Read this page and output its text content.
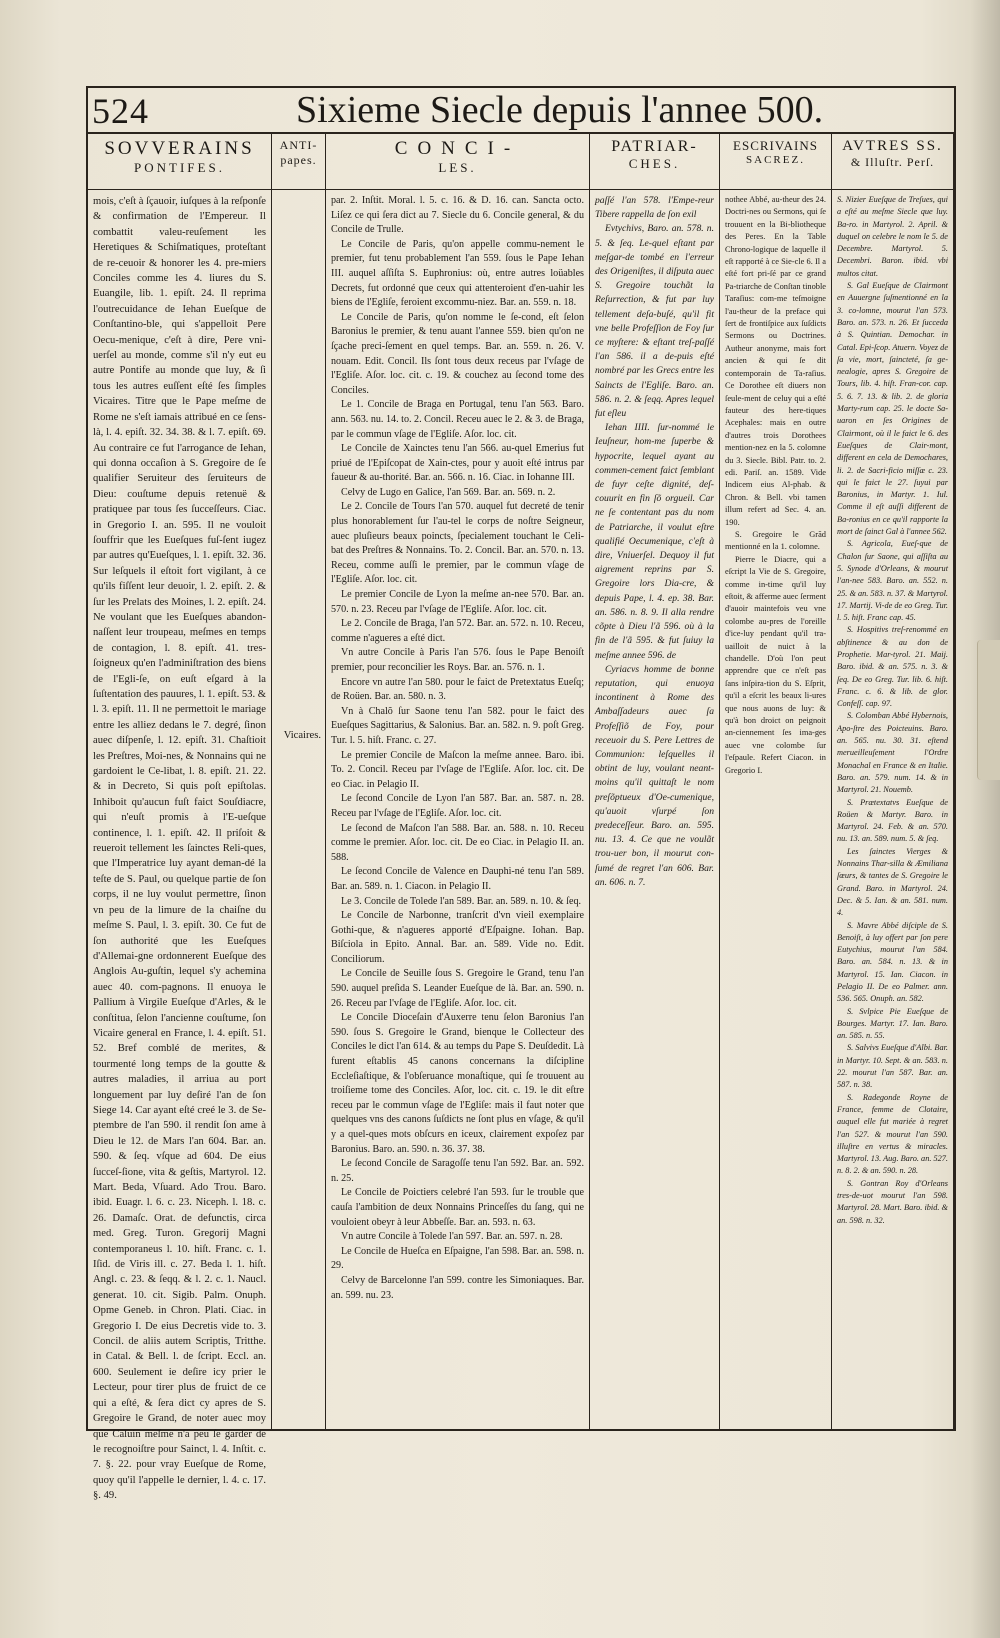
524	Sixieme Siecle depuis l'annee 500.
SOVVERAINS
PONTIFES.

mois, c'eſt à ſçauoir, iuſques à la reſponſe & confirmation de l'Empereur. Il combattit valeu-reuſement les Heretiques & Schiſmatiques, proteſtant de re-ceuoir & honorer les 4. pre-miers Conciles comme les 4. liures du S. Euangile, lib. 1. epiſt. 24. Il reprima l'outrecuidance de Iehan Eueſque de Conſtantino-ble, qui s'appelloit Pere Oecu-menique, c'eſt à dire, Pere vni-uerſel au monde, comme s'il n'y eut eu autre Pontife au monde que luy, & ſi tous les autres euſſent eſté ſes ſimples Vicaires. Titre que le Pape meſme de Rome ne s'eſt iamais attribué en ce ſens-là, l. 4. epiſt. 32. 34. 38. & l. 7. epiſt. 69. Au contraire ce fut l'arrogance de Iehan, qui donna occaſion à S. Gregoire de ſe qualifier Seruiteur des ſeruiteurs de Dieu: couſtume depuis retenuë & pratiquee par tous ſes ſucceſſeurs. Ciac. in Gregorio I. an. 595. Il ne vouloit ſouffrir que les Eueſques fuſ-ſent iugez par autres qu'Eueſques, l. 1. epiſt. 32. 36. Sur leſquels il eſtoit fort vigilant, à ce qu'ils fiſſent leur deuoir, l. 2. epiſt. 2. & ſur les Prelats des Moines, l. 2. epiſt. 24. Ne voulant que les Eueſques abandon-naſſent leur troupeau, meſmes en temps de contagion, l. 8. epiſt. 41. tres-ſoigneux qu'en l'adminiſtration des biens de l'Egli-ſe, on euſt eſgard à la ſuſtentation des pauures, l. 1. epiſt. 53. & l. 3. epiſt. 11. Il ne permettoit le mariage entre les alliez dedans le 7. degré, ſinon auec diſpenſe, l. 12. epiſt. 31. Chaſtioit les Preſtres, Moi-nes, & Nonnains qui ne gardoient le Ce-libat, l. 8. epiſt. 21. 22. & in Decreto, Si quis poſt epiſtolas. Inhiboit qu'aucun fuſt faict Souſdiacre, qui n'euſt promis à l'E-ueſque continence, l. 1. epiſt. 42. Il priſoit & reueroit tellement les ſainctes Reli-ques, que l'Imperatrice luy ayant deman-dé la teſte de S. Paul, ou quelque partie de ſon corps, il ne luy voulut permettre, ſinon vn peu de la limure de la chaiſne du meſme S. Paul, l. 3. epiſt. 30. Ce fut de ſon authorité que les Eueſques d'Allemai-gne ordonnerent Eueſque des Anglois Au-guſtin, lequel s'y achemina auec 40. com-pagnons. Il enuoya le Pallium à Virgile Eueſque d'Arles, & le conſtitua, ſelon l'ancienne couſtume, ſon Vicaire general en France, l. 4. epiſt. 51. 52. Bref comblé de merites, & tourmenté long temps de la goutte & autres maladies, il arriua au port longuement par luy deſiré l'an de ſon Siege 14. Car ayant eſté creé le 3. de Se-ptembre de l'an 590. il rendit ſon ame à Dieu le 12. de Mars l'an 604. Bar. an. 590. & ſeq. vſque ad 604. De eius ſucceſ-ſione, vita & geſtis, Martyrol. 12. Mart. Beda, Vſuard. Ado Trou. Baro. ibid. Euagr. l. 6. c. 23. Niceph. l. 18. c. 26. Damaſc. Orat. de defunctis, circa med. Greg. Turon. Gregorij Magni contemporaneus l. 10. hiſt. Franc. c. 1. Iſid. de Viris ill. c. 27. Beda l. 1. hiſt. Angl. c. 23. & ſeqq. & l. 2. c. 1. Naucl. generat. 10. cit. Sigib. Palm. Onuph. Opme Geneb. in Chron. Plati. Ciac. in Gregorio I. De eius Decretis vide to. 3. Concil. de aliis autem Scriptis, Tritthe. in Catal. & Bell. l. de ſcript. Eccl. an. 600. Seulement ie deſire icy prier le Lecteur, pour tirer plus de fruict de ce qui a eſté, & ſera dict cy apres de S. Gregoire le Grand, de noter auec moy que Caluin meſme n'a peu ſe garder de le recognoiſtre pour Sainct, l. 4. Inſtit. c. 7. §. 22. pour vray Eueſque de Rome, quoy qu'il l'appelle le dernier, l. 4. c. 17. §. 49.

ANTI-
papes.
Vicaires.
CONCI-
LES.

par. 2. Inſtit. Moral. l. 5. c. 16. & D. 16. can. Sancta octo. Liſez ce qui ſera dict au 7. Siecle du 6. Concile general, & du Concile de Trulle.

Le Concile de Paris, qu'on appelle commu-nement le premier, fut tenu probablement l'an 559. ſous le Pape Iehan III. auquel aſſiſta S. Euphronius: où, entre autres loüables Decrets, fut ordonné que ceux qui attenteroient d'en-uahir les biens de l'Egliſe, feroient excommu-niez. Bar. an. 559. n. 18.

Le Concile de Paris, qu'on nomme le ſe-cond, eſt ſelon Baronius le premier, & tenu auant l'annee 559. bien qu'on ne ſçache preci-ſement en quel temps. Bar. an. 559. n. 26. V. nouam. Edit. Concil. Ils ſont tous deux receus par l'vſage de l'Egliſe. Aſor. loc. cit. c. 19. & couchez au ſecond tome des Conciles.

Le 1. Concile de Braga en Portugal, tenu l'an 563. Baro. ann. 563. nu. 14. to. 2. Concil. Receu auec le 2. & 3. de Braga, par le commun vſage de l'Egliſe. Aſor. loc. cit.

Le Concile de Xainctes tenu l'an 566. au-quel Emerius fut priué de l'Epiſcopat de Xain-ctes, pour y auoit eſté intrus par faueur & au-thorité. Bar. an. 566. n. 16. Ciac. in Iohanne III.

Celvy de Lugo en Galice, l'an 569. Bar. an. 569. n. 2.

Le 2. Concile de Tours l'an 570. auquel fut decreté de tenir plus honorablement ſur l'au-tel le corps de noſtre Seigneur, auec pluſieurs beaux poincts, ſpecialement touchant le Celi-bat des Preſtres & Nonnains. To. 2. Concil. Bar. an. 570. n. 13. Receu, comme auſſi le premier, par le commun vſage de l'Egliſe. Aſor. loc. cit.

Le premier Concile de Lyon la meſme an-nee 570. Bar. an. 570. n. 23. Receu par l'vſage de l'Egliſe. Aſor. loc. cit.

Le 2. Concile de Braga, l'an 572. Bar. an. 572. n. 10. Receu, comme n'agueres a eſté dict.

Vn autre Concile à Paris l'an 576. ſous le Pape Benoiſt premier, pour reconcilier les Roys. Bar. an. 576. n. 1.

Encore vn autre l'an 580. pour le faict de Pretextatus Eueſq; de Roüen. Bar. an. 580. n. 3.

Vn à Chalõ ſur Saone tenu l'an 582. pour le faict des Eueſques Sagittarius, & Salonius. Bar. an. 582. n. 9. poſt Greg. Tur. l. 5. hiſt. Franc. c. 27.

Le premier Concile de Maſcon la meſme annee. Baro. ibi. To. 2. Concil. Receu par l'vſage de l'Egliſe. Aſor. loc. cit. De eo Ciac. in Pelagio II.

Le ſecond Concile de Lyon l'an 587. Bar. an. 587. n. 28. Receu par l'vſage de l'Egliſe. Aſor. loc. cit.

Le ſecond de Maſcon l'an 588. Bar. an. 588. n. 10. Receu comme le premier. Aſor. loc. cit. De eo Ciac. in Pelagio II. an. 588.

Le ſecond Concile de Valence en Dauphi-né tenu l'an 589. Bar. an. 589. n. 1. Ciacon. in Pelagio II.

Le 3. Concile de Tolede l'an 589. Bar. an. 589. n. 10. & ſeq.

Le Concile de Narbonne, tranſcrit d'vn vieil exemplaire Gothi-que, & n'agueres apporté d'Eſpaigne. Iohan. Bap. Biſciola in Epito. Annal. Bar. an. 589. Vide no. Edit. Conciliorum.

Le Concile de Seuille ſous S. Gregoire le Grand, tenu l'an 590. auquel preſida S. Leander Eueſque de là. Bar. an. 590. n. 26. Receu par l'vſage de l'Egliſe. Aſor. loc. cit.

Le Concile Dioceſain d'Auxerre tenu ſelon Baronius l'an 590. ſous S. Gregoire le Grand, bienque le Collecteur des Conciles le dict l'an 614. & au temps du Pape S. Deuſdedit. Là furent eſtablis 45 canons concernans la diſcipline Eccleſiaſtique, & l'obſeruance monaſtique, qui ſe trouuent au troiſieme tome des Conciles. Aſor, loc. cit. c. 19. le dit eſtre receu par le commun vſage de l'Egliſe: mais il faut noter que quelques vns des canons ſuſdicts ne ſont plus en vſage, & qu'il y a quel-ques mots obſcurs en iceux, clairement expoſez par Baronius. Baro. an. 590. n. 36. 37. 38.

Le ſecond Concile de Saragoſſe tenu l'an 592. Bar. an. 592. n. 25.

Le Concile de Poictiers celebré l'an 593. ſur le trouble que cauſa l'ambition de deux Nonnains Princeſſes du ſang, qui ne vouloient obeyr à leur Abbeſſe. Bar. an. 593. n. 63.

Vn autre Concile à Tolede l'an 597. Bar. an. 597. n. 28.

Le Concile de Hueſca en Eſpaigne, l'an 598. Bar. an. 598. n. 29.

Celvy de Barcelonne l'an 599. contre les Simoniaques. Bar. an. 599. nu. 23.

PATRIAR-
CHES.

paſſé l'an 578. l'Empe-reur Tibere rappella de ſon exil

Evtychivs, Baro. an. 578. n. 5. & ſeq. Le-quel eſtant par meſgar-de tombé en l'erreur des Origeniſtes, il diſputa auec S. Gregoire touchãt la Reſurrection, & fut par luy tellement deſa-buſé, qu'il fit vne belle Profeſſion de Foy ſur ce myſtere: & eſtant treſ-paſſé l'an 586. il a de-puis eſté nombré par les Grecs entre les Saincts de l'Egliſe. Baro. an. 586. n. 2. & ſeqq. Apres lequel fut eſleu

Iehan IIII. ſur-nommé le Ieuſneur, hom-me ſuperbe & hypocrite, lequel ayant au commen-cement faict ſemblant de fuyr ceſte dignité, deſ-couurit en fin ſõ orgueil. Car ne ſe contentant pas du nom de Patriarche, il voulut eſtre qualifié Oecumenique, c'eſt à dire, Vniuerſel. Dequoy il fut aigrement reprins par S. Gregoire lors Dia-cre, & depuis Pape, l. 4. ep. 38. Bar. an. 586. n. 8. 9. Il alla rendre cõpte à Dieu l'ã 596. où à la fin de l'ã 595. & fut ſuiuy la meſme annee 596. de

Cyriacvs homme de bonne reputation, qui enuoya incontinent à Rome des Ambaſſadeurs auec ſa Profeſſiõ de Foy, pour receuoir du S. Pere Lettres de Communion: leſquelles il obtint de luy, voulant neant-moins qu'il quittaſt le nom preſõptueux d'Oe-cumenique, qu'auoit vſurpé ſon predeceſſeur. Baro. an. 595. nu. 13. 4. Ce que ne voulãt trou-uer bon, il mourut con-ſumé de regret l'an 606. Bar. an. 606. n. 7.

ESCRIVAINS
SACREZ.

nothee Abbé, au-theur des 24. Doctri-nes ou Sermons, qui ſe trouuent en la Bi-bliotheque des Peres. En la Table Chrono-logique de laquelle il eſt rapporté à ce Sie-cle 6. Il a eſté fort pri-ſé par ce grand Pa-triarche de Conſtan tinoble Taraſius: com-me teſmoigne l'au-theur de la preface qui ſert de frontiſpice aux ſuſdicts Sermons ou Doctrines. Autheur anonyme, mais fort ancien & qui ſe dit contemporain de Ta-raſius. Ce Dorothee eſt diuers non ſeule-ment de celuy qui a eſté fauteur des here-tiques Acephales: mais en outre d'autres trois Dorothees mention-nez en la 5. colomne du 3. Siecle. Bibl. Patr. to. 2. edi. Pariſ. an. 1589. Vide Indicem eius Al-phab. & Chron. & Bell. vbi tamen illum refert ad Sec. 4. an. 190.

S. Gregoire le Grãd mentionné en la 1. colomne.

Pierre le Diacre, qui a eſcript la Vie de S. Gregoire, comme in-time qu'il luy eſtoit, & afferme auec ſerment d'auoir maintefois veu vne colombe au-pres de l'oreille d'ice-luy pendant qu'il tra-uailloit de nuict à la chandelle. D'où l'on peut apprendre que ce n'eſt pas ſans inſpira-tion du S. Eſprit, qu'il a eſcrit les beaux li-ures que nous auons de luy: & qu'à bon droict on peignoit an-ciennement ſes ima-ges auec vne colombe ſur l'eſpaule. Refert Ciacon. in Gregorio I.

AVTRES SS.
& Illuſtr. Perſ.

S. Nizier Eueſque de Treſues, qui a eſté au meſme Siecle que luy. Ba-ro. in Martyrol. 2. April. & duquel on celebre le nom le 5. de Decembre. Martyrol. 5. Decembri. Baron. ibid. vbi multos citat.

S. Gal Eueſque de Clairmont en Auuergne ſuſmentionné en la 3. co-lomne, mourut l'an 573. Baro. an. 573. n. 26. Et ſucceda à S. Quintian. Demochar. in Catal. Epi-ſcop. Atuern. Voyez de ſa vie, mort, ſaincteté, ſa ge-nealogie, apres S. Gregoire de Tours, lib. 4. hiſt. Fran-cor. cap. 5. 6. 7. 13. & lib. 2. de gloria Marty-rum cap. 25. le docte Sa-uaron en ſes Origines de Clairmont, où il le faict le 6. des Eueſques de Clair-mont, different en cela de Demochares, li. 2. de Sacri-ficio miſſæ c. 23. qui le faict le 27. ſuyui par Baronius, in Martyr. 1. Iul. Comme il eſt auſſi different de Ba-ronius en ce qu'il rapporte la mort de ſainct Gal à l'annee 562.

S. Agricola, Eueſ-que de Chalon ſur Saone, qui aſſiſta au 5. Synode d'Orleans, & mourut l'an-nee 583. Baro. an. 552. n. 25. & an. 583. n. 37. & Martyrol. 17. Martij. Vi-de de eo Greg. Tur. l. 5. hiſt. Franc cap. 45.

S. Hospitivs treſ-renommé en abſtinence & au don de Prophetie. Mar-tyrol. 21. Maij. Baro. ibid. & an. 575. n. 3. & ſeq. De eo Greg. Tur. lib. 6. hiſt. Franc. c. 6. & lib. de glor. Confeſſ. cap. 97.

S. Colomban Abbé Hybernois, Apo-ſtre des Poicteuins. Baro. an. 565. nu. 30. 31. eſtend merueilleuſement l'Ordre Monachal en France & en Italie. Baro. an. 579. num. 14. & in Martyrol. 21. Nouemb.

S. Prætextatvs Eueſque de Roüen & Martyr. Baro. in Martyrol. 24. Feb. & an. 570. nu. 13. an. 589. num. 5. & ſeq.

Les ſainctes Vierges & Nonnains Thar-silla & Æmiliana ſœurs, & tantes de S. Gregoire le Grand. Baro. in Martyrol. 24. Dec. & 5. Ian. & an. 581. num. 4.

S. Mavre Abbé diſciple de S. Benoiſt, à luy offert par ſon pere Eutychius, mourut l'an 584. Baro. an. 584. n. 13. & in Martyrol. 15. Ian. Ciacon. in Pelagio II. De eo Palmer. ann. 536. 565. Onuph. an. 582.

S. Svlpice Pie Eueſque de Bourges. Martyr. 17. Ian. Baro. an. 585. n. 55.

S. Salvivs Eueſque d'Albi. Bar. in Martyr. 10. Sept. & an. 583. n. 22. mourut l'an 587. Bar. an. 587. n. 38.

S. Radegonde Royne de France, femme de Clotaire, auquel elle fut mariée à regret l'an 527. & mourut l'an 590. illuſtre en vertus & miracles. Martyrol. 13. Aug. Baro. an. 527. n. 8. 2. & an. 590. n. 28.

S. Gontran Roy d'Orleans tres-de-uot mourut l'an 598. Martyrol. 28. Mart. Baro. ibid. & an. 598. n. 32.
